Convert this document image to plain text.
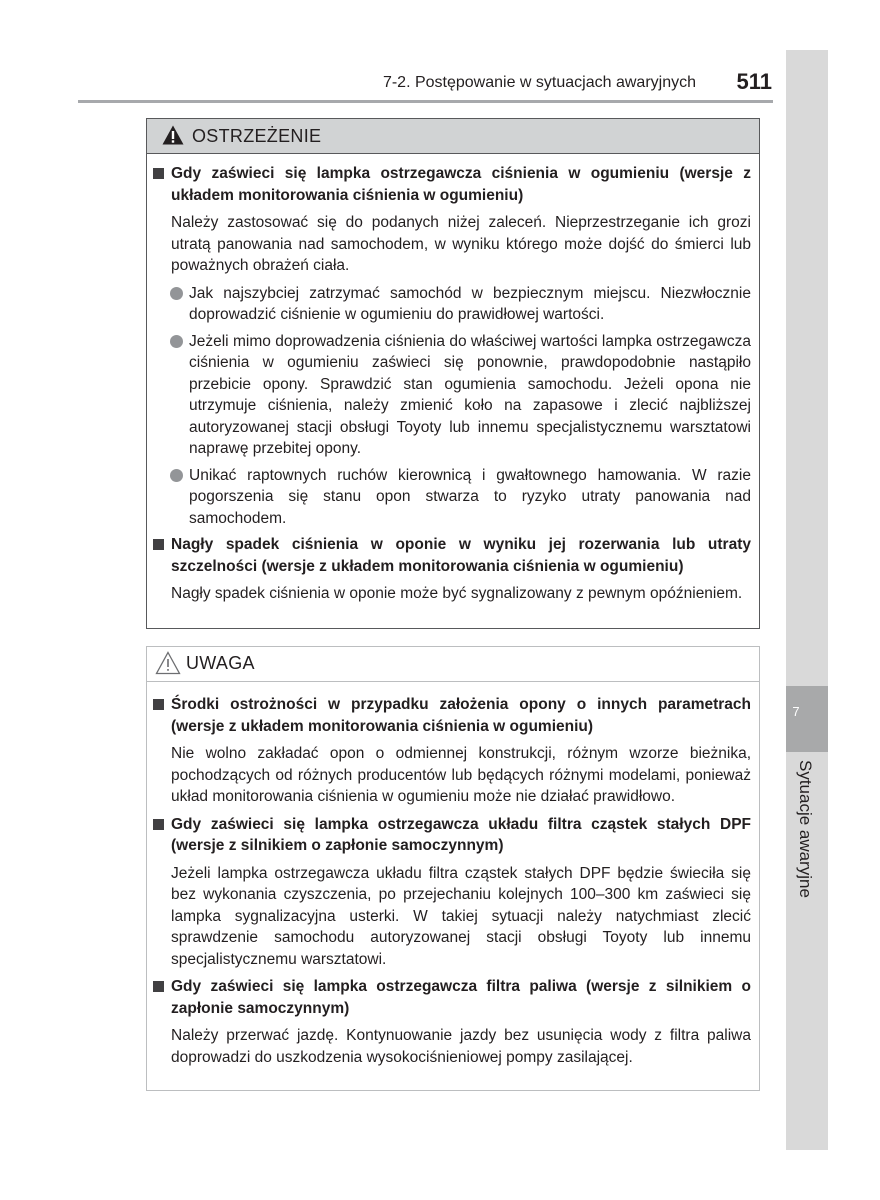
7-2. Postępowanie w sytuacjach awaryjnych	511
7
Sytuacje awaryjne
OSTRZEŻENIE
Gdy zaświeci się lampka ostrzegawcza ciśnienia w ogumieniu (wersje z układem monitorowania ciśnienia w ogumieniu)
Należy zastosować się do podanych niżej zaleceń. Nieprzestrzeganie ich grozi utratą panowania nad samochodem, w wyniku którego może dojść do śmierci lub poważnych obrażeń ciała.
Jak najszybciej zatrzymać samochód w bezpiecznym miejscu. Niezwłocznie doprowadzić ciśnienie w ogumieniu do prawidłowej wartości.
Jeżeli mimo doprowadzenia ciśnienia do właściwej wartości lampka ostrzegawcza ciśnienia w ogumieniu zaświeci się ponownie, prawdopodobnie nastąpiło przebicie opony. Sprawdzić stan ogumienia samochodu. Jeżeli opona nie utrzymuje ciśnienia, należy zmienić koło na zapasowe i zlecić najbliższej autoryzowanej stacji obsługi Toyoty lub innemu specjalistycznemu warsztatowi naprawę przebitej opony.
Unikać raptownych ruchów kierownicą i gwałtownego hamowania. W razie pogorszenia się stanu opon stwarza to ryzyko utraty panowania nad samochodem.
Nagły spadek ciśnienia w oponie w wyniku jej rozerwania lub utraty szczelności (wersje z układem monitorowania ciśnienia w ogumieniu)
Nagły spadek ciśnienia w oponie może być sygnalizowany z pewnym opóźnieniem.
UWAGA
Środki ostrożności w przypadku założenia opony o innych parametrach (wersje z układem monitorowania ciśnienia w ogumieniu)
Nie wolno zakładać opon o odmiennej konstrukcji, różnym wzorze bieżnika, pochodzących od różnych producentów lub będących różnymi modelami, ponieważ układ monitorowania ciśnienia w ogumieniu może nie działać prawidłowo.
Gdy zaświeci się lampka ostrzegawcza układu filtra cząstek stałych DPF (wersje z silnikiem o zapłonie samoczynnym)
Jeżeli lampka ostrzegawcza układu filtra cząstek stałych DPF będzie świeciła się bez wykonania czyszczenia, po przejechaniu kolejnych 100–300 km zaświeci się lampka sygnalizacyjna usterki. W takiej sytuacji należy natychmiast zlecić sprawdzenie samochodu autoryzowanej stacji obsługi Toyoty lub innemu specjalistycznemu warsztatowi.
Gdy zaświeci się lampka ostrzegawcza filtra paliwa (wersje z silnikiem o zapłonie samoczynnym)
Należy przerwać jazdę. Kontynuowanie jazdy bez usunięcia wody z filtra paliwa doprowadzi do uszkodzenia wysokociśnieniowej pompy zasilającej.
